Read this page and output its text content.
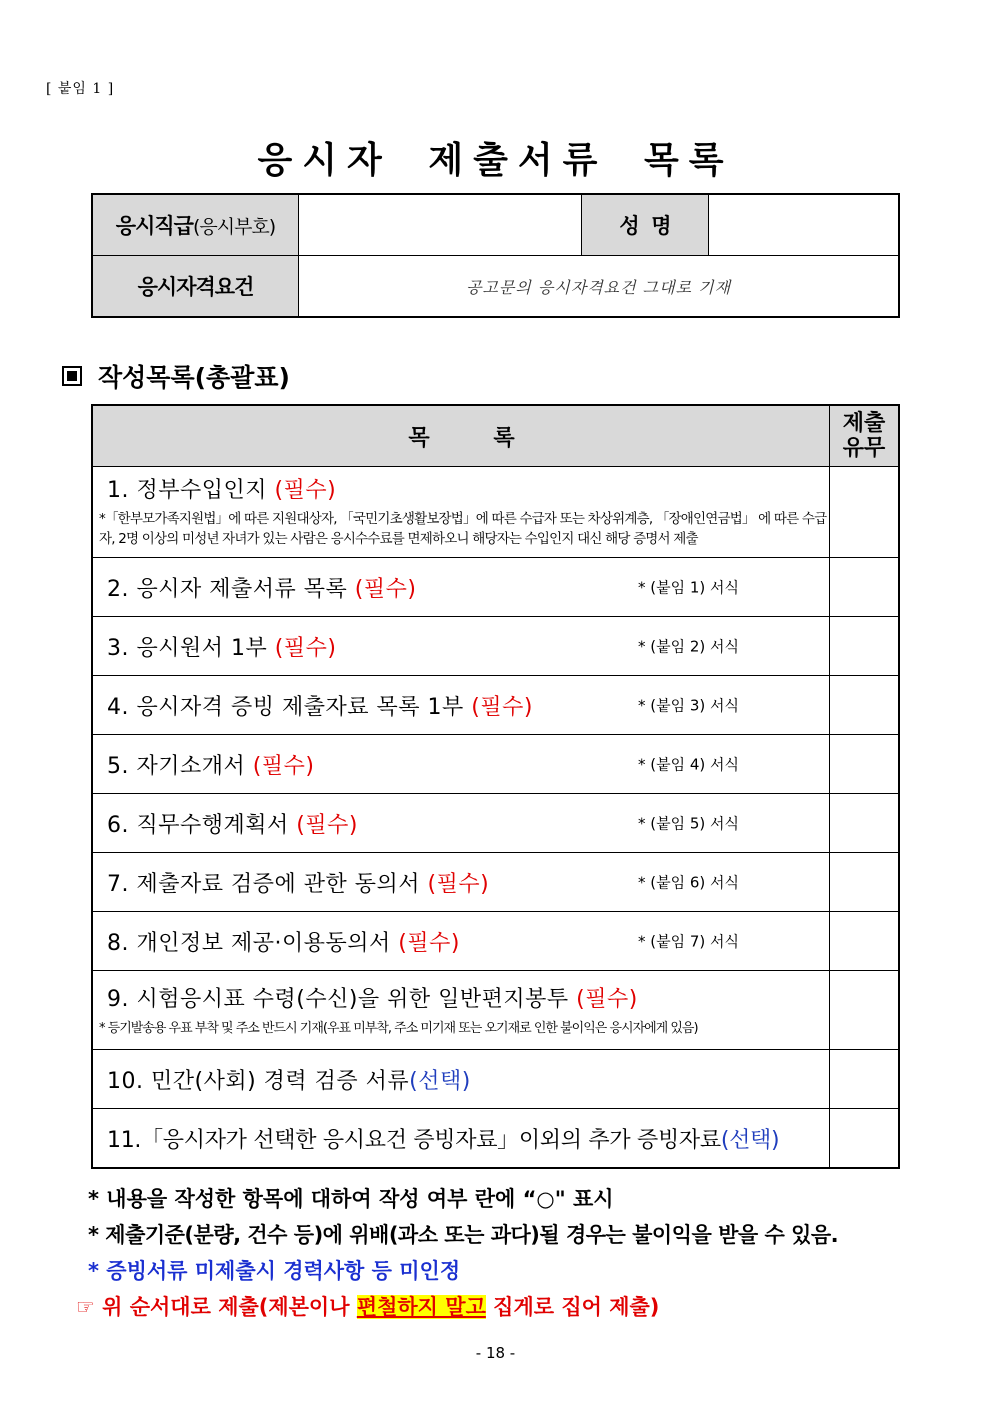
[ 붙임 1 ]
응시자 제출서류 목록
응시직급(응시부호)		성  명	
응시자격요건	공고문의 응시자격요건 그대로 기재		
작성목록(총괄표)
목 록	제출
유무

1. 정부수입인지 (필수)
*「한부모가족지원법」에 따른 지원대상자, 「국민기초생활보장법」에 따른 수급자 또는 차상위계층, 「장애인연금법」 에 따른 수급자, 2명 이상의 미성년 자녀가 있는 사람은 응시수수료를 면제하오니 해당자는 수입인지 대신 해당 증명서 제출	

2. 응시자 제출서류 목록 (필수) * (붙임 1) 서식	

3. 응시원서 1부 (필수) * (붙임 2) 서식	

4. 응시자격 증빙 제출자료 목록 1부 (필수) * (붙임 3) 서식	

5. 자기소개서 (필수) * (붙임 4) 서식	

6. 직무수행계획서 (필수) * (붙임 5) 서식	

7. 제출자료 검증에 관한 동의서 (필수) * (붙임 6) 서식	

8. 개인정보 제공·이용동의서 (필수) * (붙임 7) 서식	

9. 시험응시표 수령(수신)을 위한 일반편지봉투 (필수)
* 등기발송용 우표 부착 및 주소 반드시 기재(우표 미부착, 주소 미기재 또는 오기재로 인한 불이익은 응시자에게 있음)	

10. 민간(사회) 경력 검증 서류(선택)	
11.「응시자가 선택한 응시요건 증빙자료」이외의 추가 증빙자료(선택)	
* 내용을 작성한 항목에 대하여 작성 여부 란에 “○" 표시
* 제출기준(분량, 건수 등)에 위배(과소 또는 과다)될 경우는 불이익을 받을 수 있음.
* 증빙서류 미제출시 경력사항 등 미인정
☞ 위 순서대로 제출(제본이나 편철하지 말고 집게로 집어 제출)
- 18 -
